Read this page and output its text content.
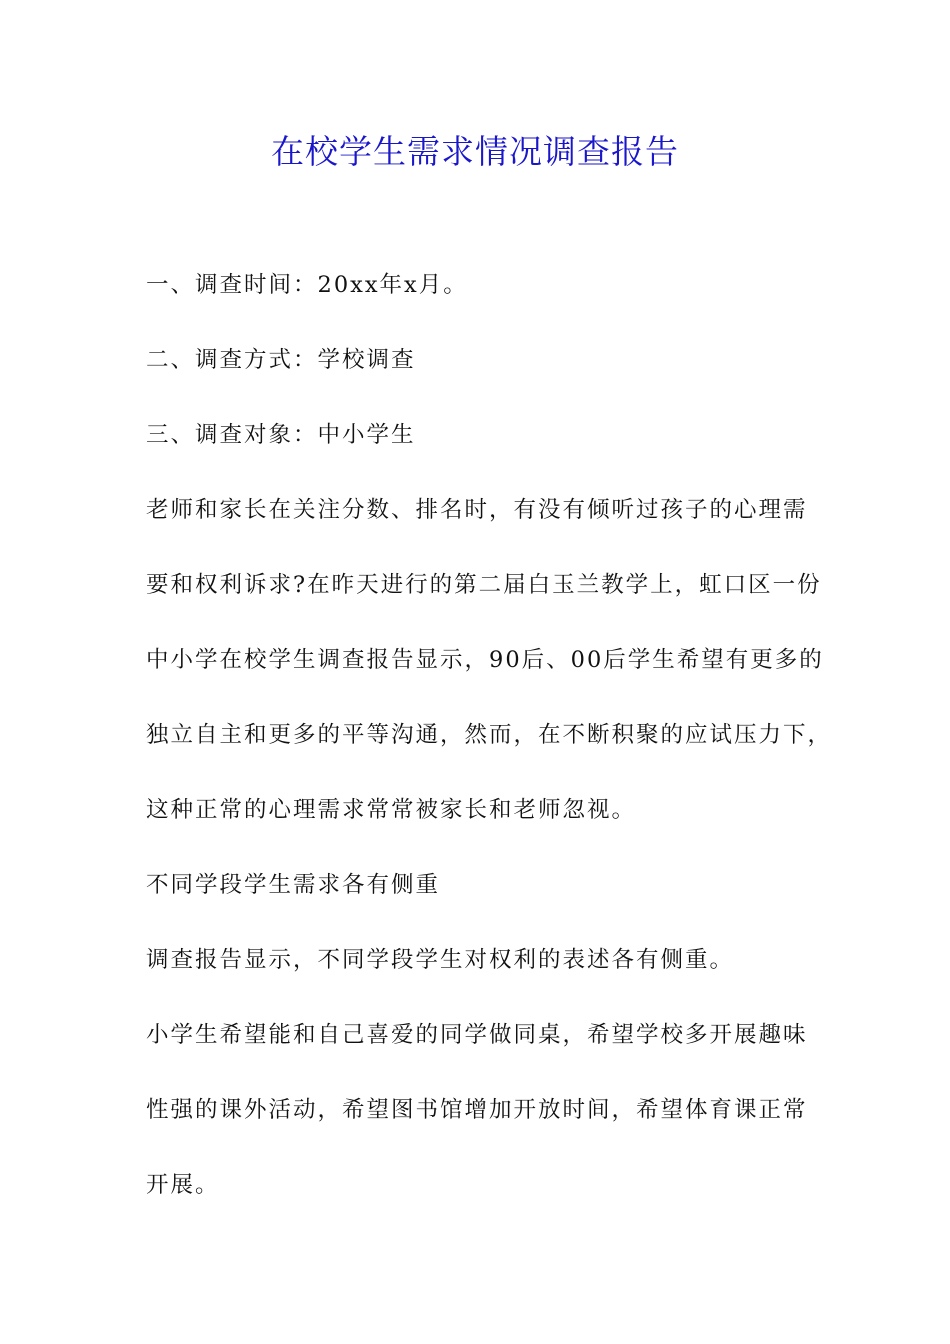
在校学生需求情况调查报告
一、调查时间：20xx年x月。
二、调查方式：学校调查
三、调查对象：中小学生
老师和家长在关注分数、排名时，有没有倾听过孩子的心理需
要和权利诉求?在昨天进行的第二届白玉兰教学上，虹口区一份
中小学在校学生调查报告显示，90后、00后学生希望有更多的
独立自主和更多的平等沟通，然而，在不断积聚的应试压力下，
这种正常的心理需求常常被家长和老师忽视。
不同学段学生需求各有侧重
调查报告显示，不同学段学生对权利的表述各有侧重。
小学生希望能和自己喜爱的同学做同桌，希望学校多开展趣味
性强的课外活动，希望图书馆增加开放时间，希望体育课正常
开展。
